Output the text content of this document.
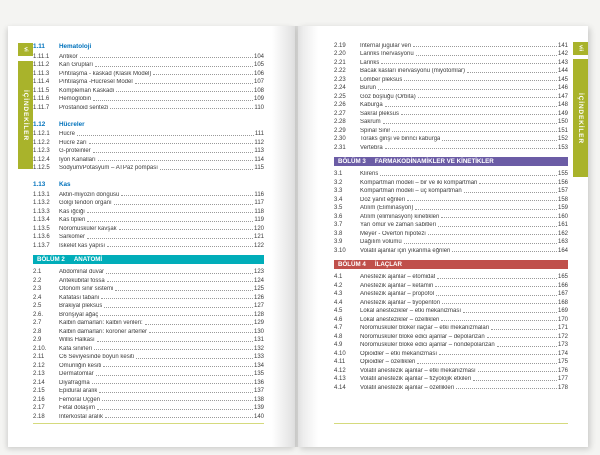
vi
İÇİNDEKİLER
1.11	Hematoloji
1.11.1	Antikor	104
1.11.2	Kan Grupları	105
1.11.3	Pıhtılaşma - kaskad (Klasik Model)	106
1.11.4	Pıhtılaşma -Hücresel Model	107
1.11.5	Kompleman Kaskadı	108
1.11.6	Hemoglobin	109
1.11.7	Prostanoid sentezi	110
1.12	Hücreler
1.12.1	Hücre	111
1.12.2	Hücre zarı	112
1.12.3	G-proteinler	113
1.12.4	İyon Kanalları	114
1.12.5	Sodyum/Potasyum – ATPaz pompası	115
1.13	Kas
1.13.1	Aktin-miyozin döngüsü	116
1.13.2	Golgi tendon organı	117
1.13.3	Kas iğciği	118
1.13.4	Kas tipleri	119
1.13.5	Nöromüsküler kavşak	120
1.13.6	Sarkomer	121
1.13.7	İskelet kas yapısı	122
BÖLÜM 2 ANATOMİ
2.1	Abdominal duvar	123
2.2	Antekübital fossa	124
2.3	Otonom sinir sistemi	125
2.4	Kafatası tabanı	126
2.5	Brakiyal pleksus	127
2.6.	Bronşiyal ağaç	128
2.7	Kalbin damarları: kalbin venleri:	129
2.8	Kalbin damarları: koroner arterler	130
2.9	Willis Halkası	131
2.10.	Kafa sinirleri	132
2.11	C6 Seviyesinde boyun kesiti	133
2.12	Omuriliğin kesiti	134
2.13	Dermatomlar	135
2.14	Diyafragma	136
2.15	Epidural aralık	137
2.16	Femoral Üçgen	138
2.17	Fetal dolaşım	139
2.18	İnterkostal aralık	140
vii
İÇİNDEKİLER
2.19	İnternal jugular ven	141
2.20	Larinks İnervasyonu	142
2.21	Larinks	143
2.22	Bacak kasları inervasyonu (miyotomlar)	144
2.23	Lomber pleksus	145
2.24	Burun	146
2.25	Göz boşluğu (Orbita)	147
2.26	Kaburga	148
2.27	Sakral pleksus	149
2.28	Sakrum	150
2.29	Spinal Sinir	151
2.30	Toraks girişi ve birinci kaburga	152
2.31	Vertebra	153
BÖLÜM 3 FARMAKODİNAMİKLER VE KİNETİKLER
3.1	Klirens	155
3.2	Kompartman modeli – bir ve iki kompartman	156
3.3	Kompartman modeli – üç kompartman	157
3.4	Doz yanıt eğrileri	158
3.5	Atılım (Eliminasyon)	159
3.6	Atılım (eliminasyon) kinetikleri	160
3.7	Yarı ömür ve zaman sabitleri	161
3.8	Meyer - Overton hipotezi	162
3.9	Dağılım volümü	163
3.10	Volatil ajanlar için yıkanma eğrileri	164
BÖLÜM 4 İLAÇLAR
4.1	Anestezik ajanlar – etomidat	165
4.2	Anestezik ajanlar – ketamin	166
4.3	Anestezik ajanlar – propofol	167
4.4	Anestezik ajanlar – tiyopenton	168
4.5	Lokal anestezikler – etki mekanizması	169
4.6	Lokal anestezikler – özellikleri	170
4.7	Nöromusküler bloker ilaçlar – etki mekanizmaları	171
4.8	Nöromusküler bloke edici ajanlar – depolarizan	172
4.9	Nöromusküler bloke edici ajanlar – nondepolarizan	173
4.10	Opioidler – etki mekanizması	174
4.11	Opioidler – özellikleri	175
4.12	Volatil anestezik ajanlar – etki mekanizması	176
4.13	Volatil anestezik ajanlar – fizyolojik etkileri	177
4.14	Volatil anestezik ajanlar – özellikleri	178
